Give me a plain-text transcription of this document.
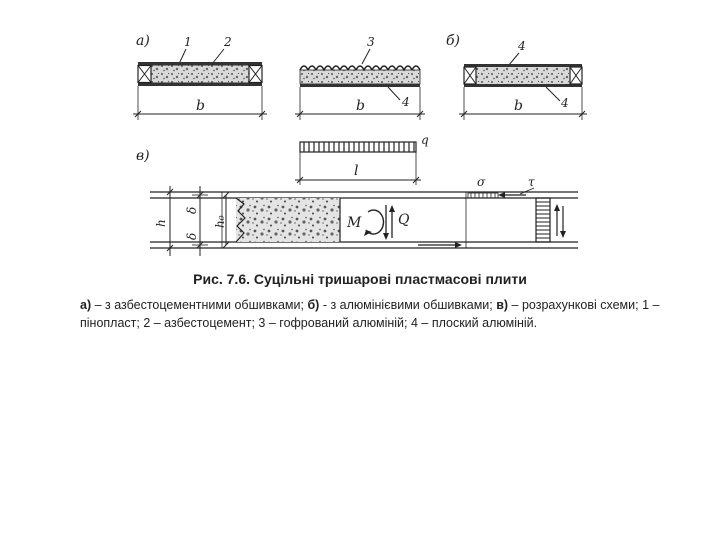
а)	1	2
b
3
4
b
б)	4
4
b
в)
q
l
h
δ
δ
h₀	M	Q
σ	τ
Рис. 7.6. Суцільні тришарові пластмасові плити
а) – з азбестоцементними обшивками; б) - з алюмінієвими обшивками; в) – розрахункові схеми; 1 – пінопласт; 2 – азбестоцемент; 3 – гофрований алюміній; 4 – плоский алюміній.
